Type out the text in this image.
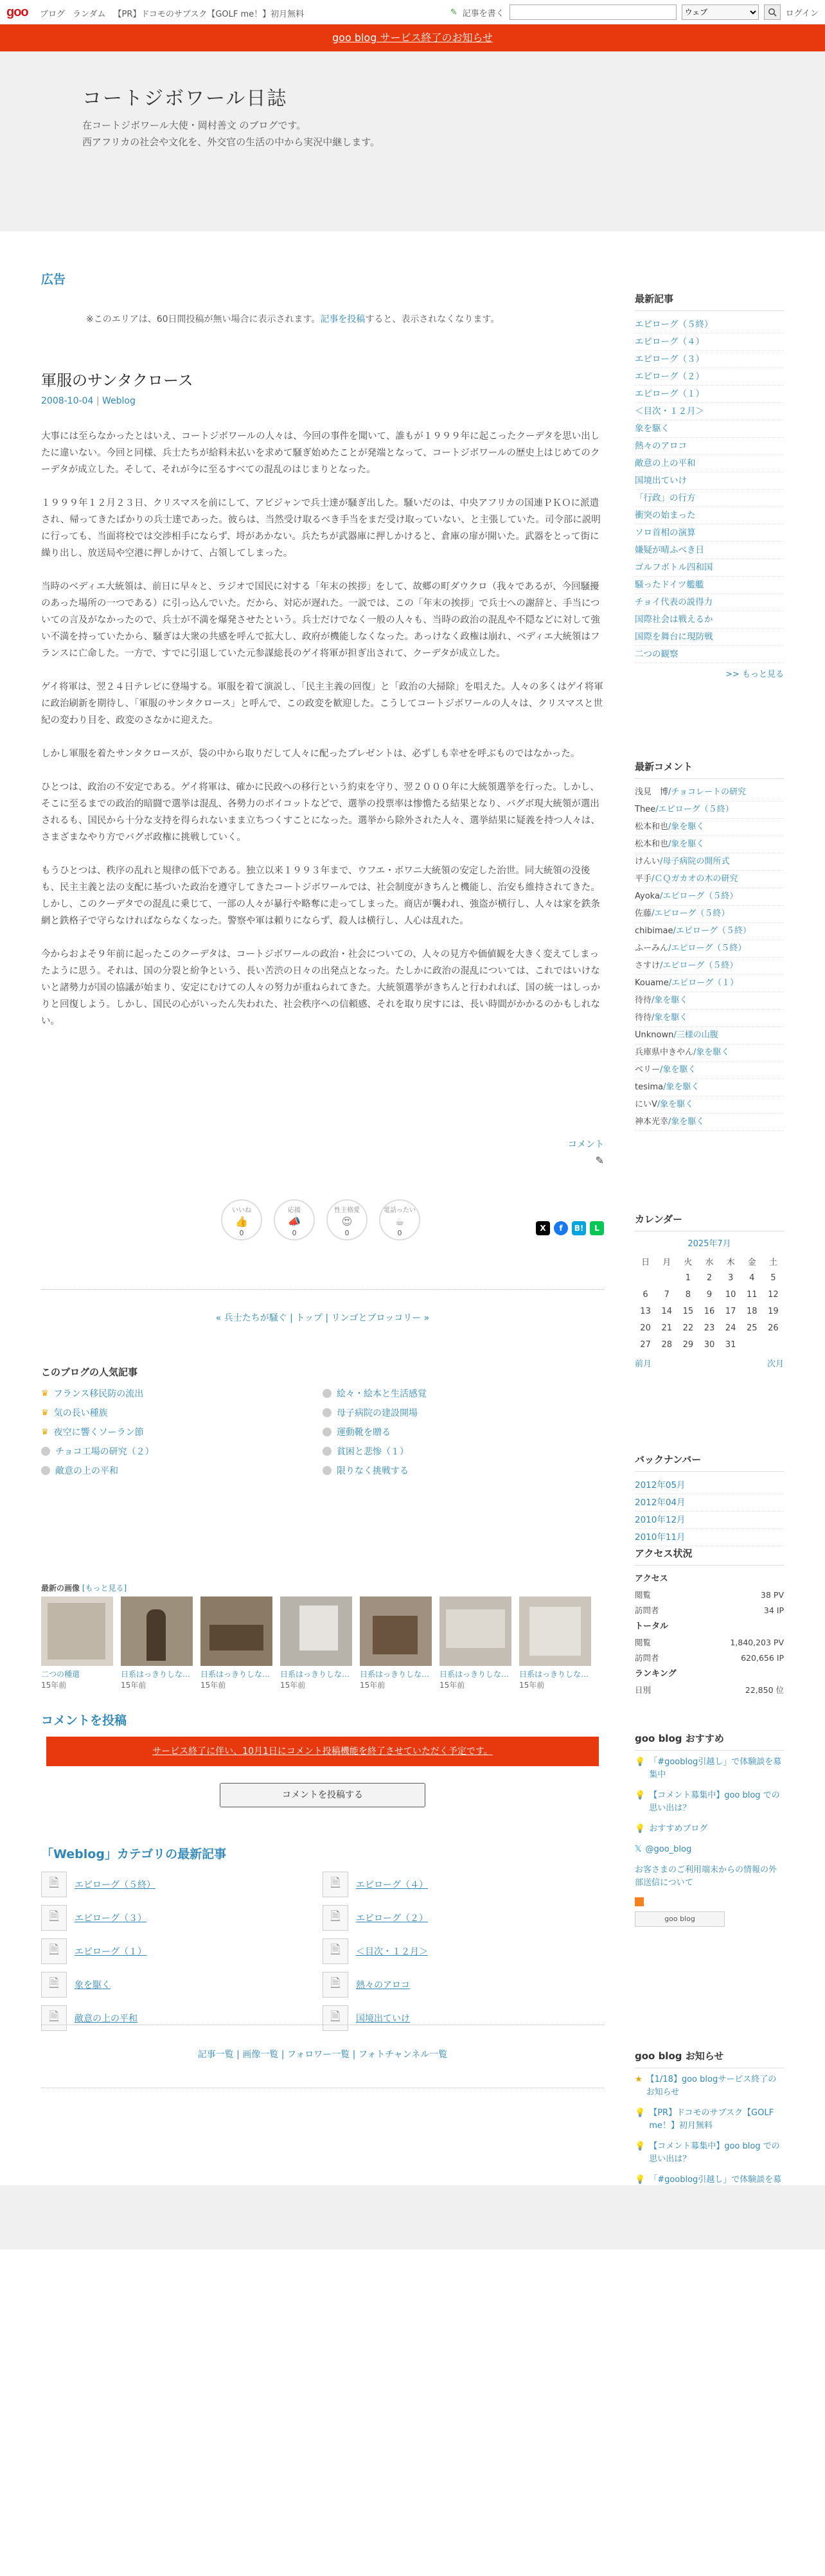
goo ブログ ランダム 【PR】ドコモのサブスク【GOLF me！】初月無料	✎ 記事を書く
ウェブ	ログイン
goo blog サービス終了のお知らせ
コートジボワール日誌
在コートジボワール大使・岡村善文 のブログです。
西アフリカの社会や文化を、外交官の生活の中から実況中継します。
広告
※このエリアは、60日間投稿が無い場合に表示されます。記事を投稿すると、表示されなくなります。
軍服のサンタクロース
2008-10-04 | Weblog

大事には至らなかったとはいえ、コートジボワールの人々は、今回の事件を聞いて、誰もが１９９９年に起こったクーデタを思い出したに違いない。今回と同様、兵士たちが給料未払いを求めて騒ぎ始めたことが発端となって、コートジボワールの歴史上はじめてのクーデタが成立した。そして、それが今に至るすべての混乱のはじまりとなった。

１９９９年１２月２３日、クリスマスを前にして、アビジャンで兵士達が騒ぎ出した。騒いだのは、中央アフリカの国連ＰＫＯに派遣され、帰ってきたばかりの兵士達であった。彼らは、当然受け取るべき手当をまだ受け取っていない、と主張していた。司令部に説明に行っても、当面将校では交渉相手にならず、埒があかない。兵たちが武器庫に押しかけると、倉庫の扉が開いた。武器をとって街に繰り出し、放送局や空港に押しかけて、占領してしまった。

当時のベディエ大統領は、前日に早々と、ラジオで国民に対する「年末の挨拶」をして、故郷の町ダウクロ（我々であるが、今回騒擾のあった場所の一つである）に引っ込んでいた。だから、対応が遅れた。一説では、この「年末の挨拶」で兵士への謝辞と、手当についての言及がなかったので、兵士が不満を爆発させたという。兵士だけでなく一般の人々も、当時の政治の混乱や不隠などに対して強い不満を持っていたから、騒ぎは大衆の共感を呼んで拡大し、政府が機能しなくなった。あっけなく政権は崩れ、ベディエ大統領はフランスに亡命した。一方で、すでに引退していた元参謀総長のゲイ将軍が担ぎ出されて、クーデタが成立した。

ゲイ将軍は、翌２４日テレビに登場する。軍服を着て演説し、「民主主義の回復」と「政治の大掃除」を唱えた。人々の多くはゲイ将軍に政治刷新を期待し、「軍服のサンタクロース」と呼んで、この政変を歓迎した。こうしてコートジボワールの人々は、クリスマスと世紀の変わり目を、政変のさなかに迎えた。

しかし軍服を着たサンタクロースが、袋の中から取りだして人々に配ったプレゼントは、必ずしも幸せを呼ぶものではなかった。

ひとつは、政治の不安定である。ゲイ将軍は、確かに民政への移行という約束を守り、翌２０００年に大統領選挙を行った。しかし、そこに至るまでの政治的暗闘で選挙は混乱、各勢力のボイコットなどで、選挙の投票率は惨憺たる結果となり、バグボ現大統領が選出されるも、国民から十分な支持を得られないまま立ちつくすことになった。選挙から除外された人々、選挙結果に疑義を持つ人々は、さまざまなやり方でバグボ政権に挑戦していく。

もうひとつは、秩序の乱れと規律の低下である。独立以来１９９３年まで、ウフエ・ボワニ大統領の安定した治世。同大統領の没後も、民主主義と法の支配に基づいた政治を遵守してきたコートジボワールでは、社会制度がきちんと機能し、治安も維持されてきた。しかし、このクーデタでの混乱に乗じて、一部の人々が暴行や略奪に走ってしまった。商店が襲われ、強盗が横行し、人々は家を鉄条網と鉄格子で守らなければならなくなった。警察や軍は頼りにならず、殺人は横行し、人心は乱れた。

今からおよそ９年前に起ったこのクーデタは、コートジボワールの政治・社会についての、人々の見方や価値観を大きく変えてしまったように思う。それは、国の分裂と紛争という、長い苦渋の日々の出発点となった。たしかに政治の混乱については、これではいけないと諸勢力が国の協議が始まり、安定にむけての人々の努力が重ねられてきた。大統領選挙がきちんと行われれば、国の統一はしっかりと回復しよう。しかし、国民の心がいったん失われた、社会秩序への信頼感、それを取り戻すには、長い時間がかかるのかもしれない。

コメント
✎
いいね
👍
0
応援
📣
0
性主格愛
😍
0
電話ったい
☕
0
X	f	B!	L
« 兵士たちが騒ぐ | トップ | リンゴとブロッコリー »
このブログの人気記事
♛ フランス移民防の流出	絵々・絵本と生活感覚
♛ 気の長い種族	母子病院の建設開場
♛ 夜空に響くソーラン節	運動靴を贈る
チョコ工場の研究（２）	貧困と悲惨（１）
敵意の上の平和	限りなく挑戦する
最新の画像 [もっと見る]
二つの種還
15年前
日系はっきりしな…
15年前
日系はっきりしな…
15年前
日系はっきりしな…
15年前
日系はっきりしな…
15年前
日系はっきりしな…
15年前
日系はっきりしな…
15年前
コメントを投稿
サービス終了に伴い、10月1日にコメント投稿機能を終了させていただく予定です。
コメントを投稿する
「Weblog」カテゴリの最新記事
🗎	エピローグ（５終）	🗎	エピローグ（４）
🗎	エピローグ（３）	🗎	エピローグ（２）
🗎	エピローグ（１）	🗎	＜目次・１２月＞
🗎	象を駆く	🗎	熱々のアロコ
🗎	敵意の上の平和	🗎	国境出ていけ
記事一覧 | 画像一覧 | フォロワー一覧 | フォトチャンネル一覧
最新記事
エピローグ（５終）
エピローグ（４）
エピローグ（３）
エピローグ（２）
エピローグ（１）
＜目次・１２月＞
象を駆く
熱々のアロコ
敵意の上の平和
国境出ていけ
「行政」の行方
衝突の始まった
ソロ首相の演算
嫌疑が晴ふべき日
ゴルフボトル四和国
騒ったドイツ艦艦
チョイ代表の説得力
国際社会は戦えるか
国際を舞台に現防戦
二つの観察
>> もっと見る
最新コメント
浅見　博/チョコレートの研究
Thee/エピローグ（５終）
松本和也/象を駆く
松本和也/象を駆く
けんい/母子病院の開所式
平手/ＣＱガカオの木の研究
Ayoka/エピローグ（５終）
佐藤/エピローグ（５終）
chibimae/エピローグ（５終）
ふーみん/エピローグ（５終）
さすけ/エピローグ（５終）
Kouame/エピローグ（１）
待待/象を駆く
待待/象を駆く
Unknown/三様の山腹
兵庫県中きやん/象を駆く
ベリー/象を駆く
tesima/象を駆く
にいV/象を駆く
神本光幸/象を駆く
カレンダー
2025年7月
日	月	火	水	木	金	土
		1	2	3	4	5
6	7	8	9	10	11	12
13	14	15	16	17	18	19
20	21	22	23	24	25	26
27	28	29	30	31		
前月	次月
バックナンバー
2012年05月
2012年04月
2010年12月
2010年11月
アクセス状況
アクセス
閲覧	38 PV
訪問者	34 IP
トータル
閲覧	1,840,203 PV
訪問者	620,656 IP
ランキング
日別	22,850 位
goo blog おすすめ
💡 「#gooblog引越し」で体験談を募集中
💡 【コメント募集中】goo blog での思い出は？
💡 おすすめブログ
𝕏 @goo_blog
お客さまのご利用端末からの情報の外部送信について
goo blog
goo blog お知らせ
★ 【1/18】goo blogサービス終了のお知らせ
💡 【PR】ドコモのサブスク【GOLF me！】初月無料
💡 【コメント募集中】goo blog での思い出は？
💡 「#gooblog引越し」で体験談を募
